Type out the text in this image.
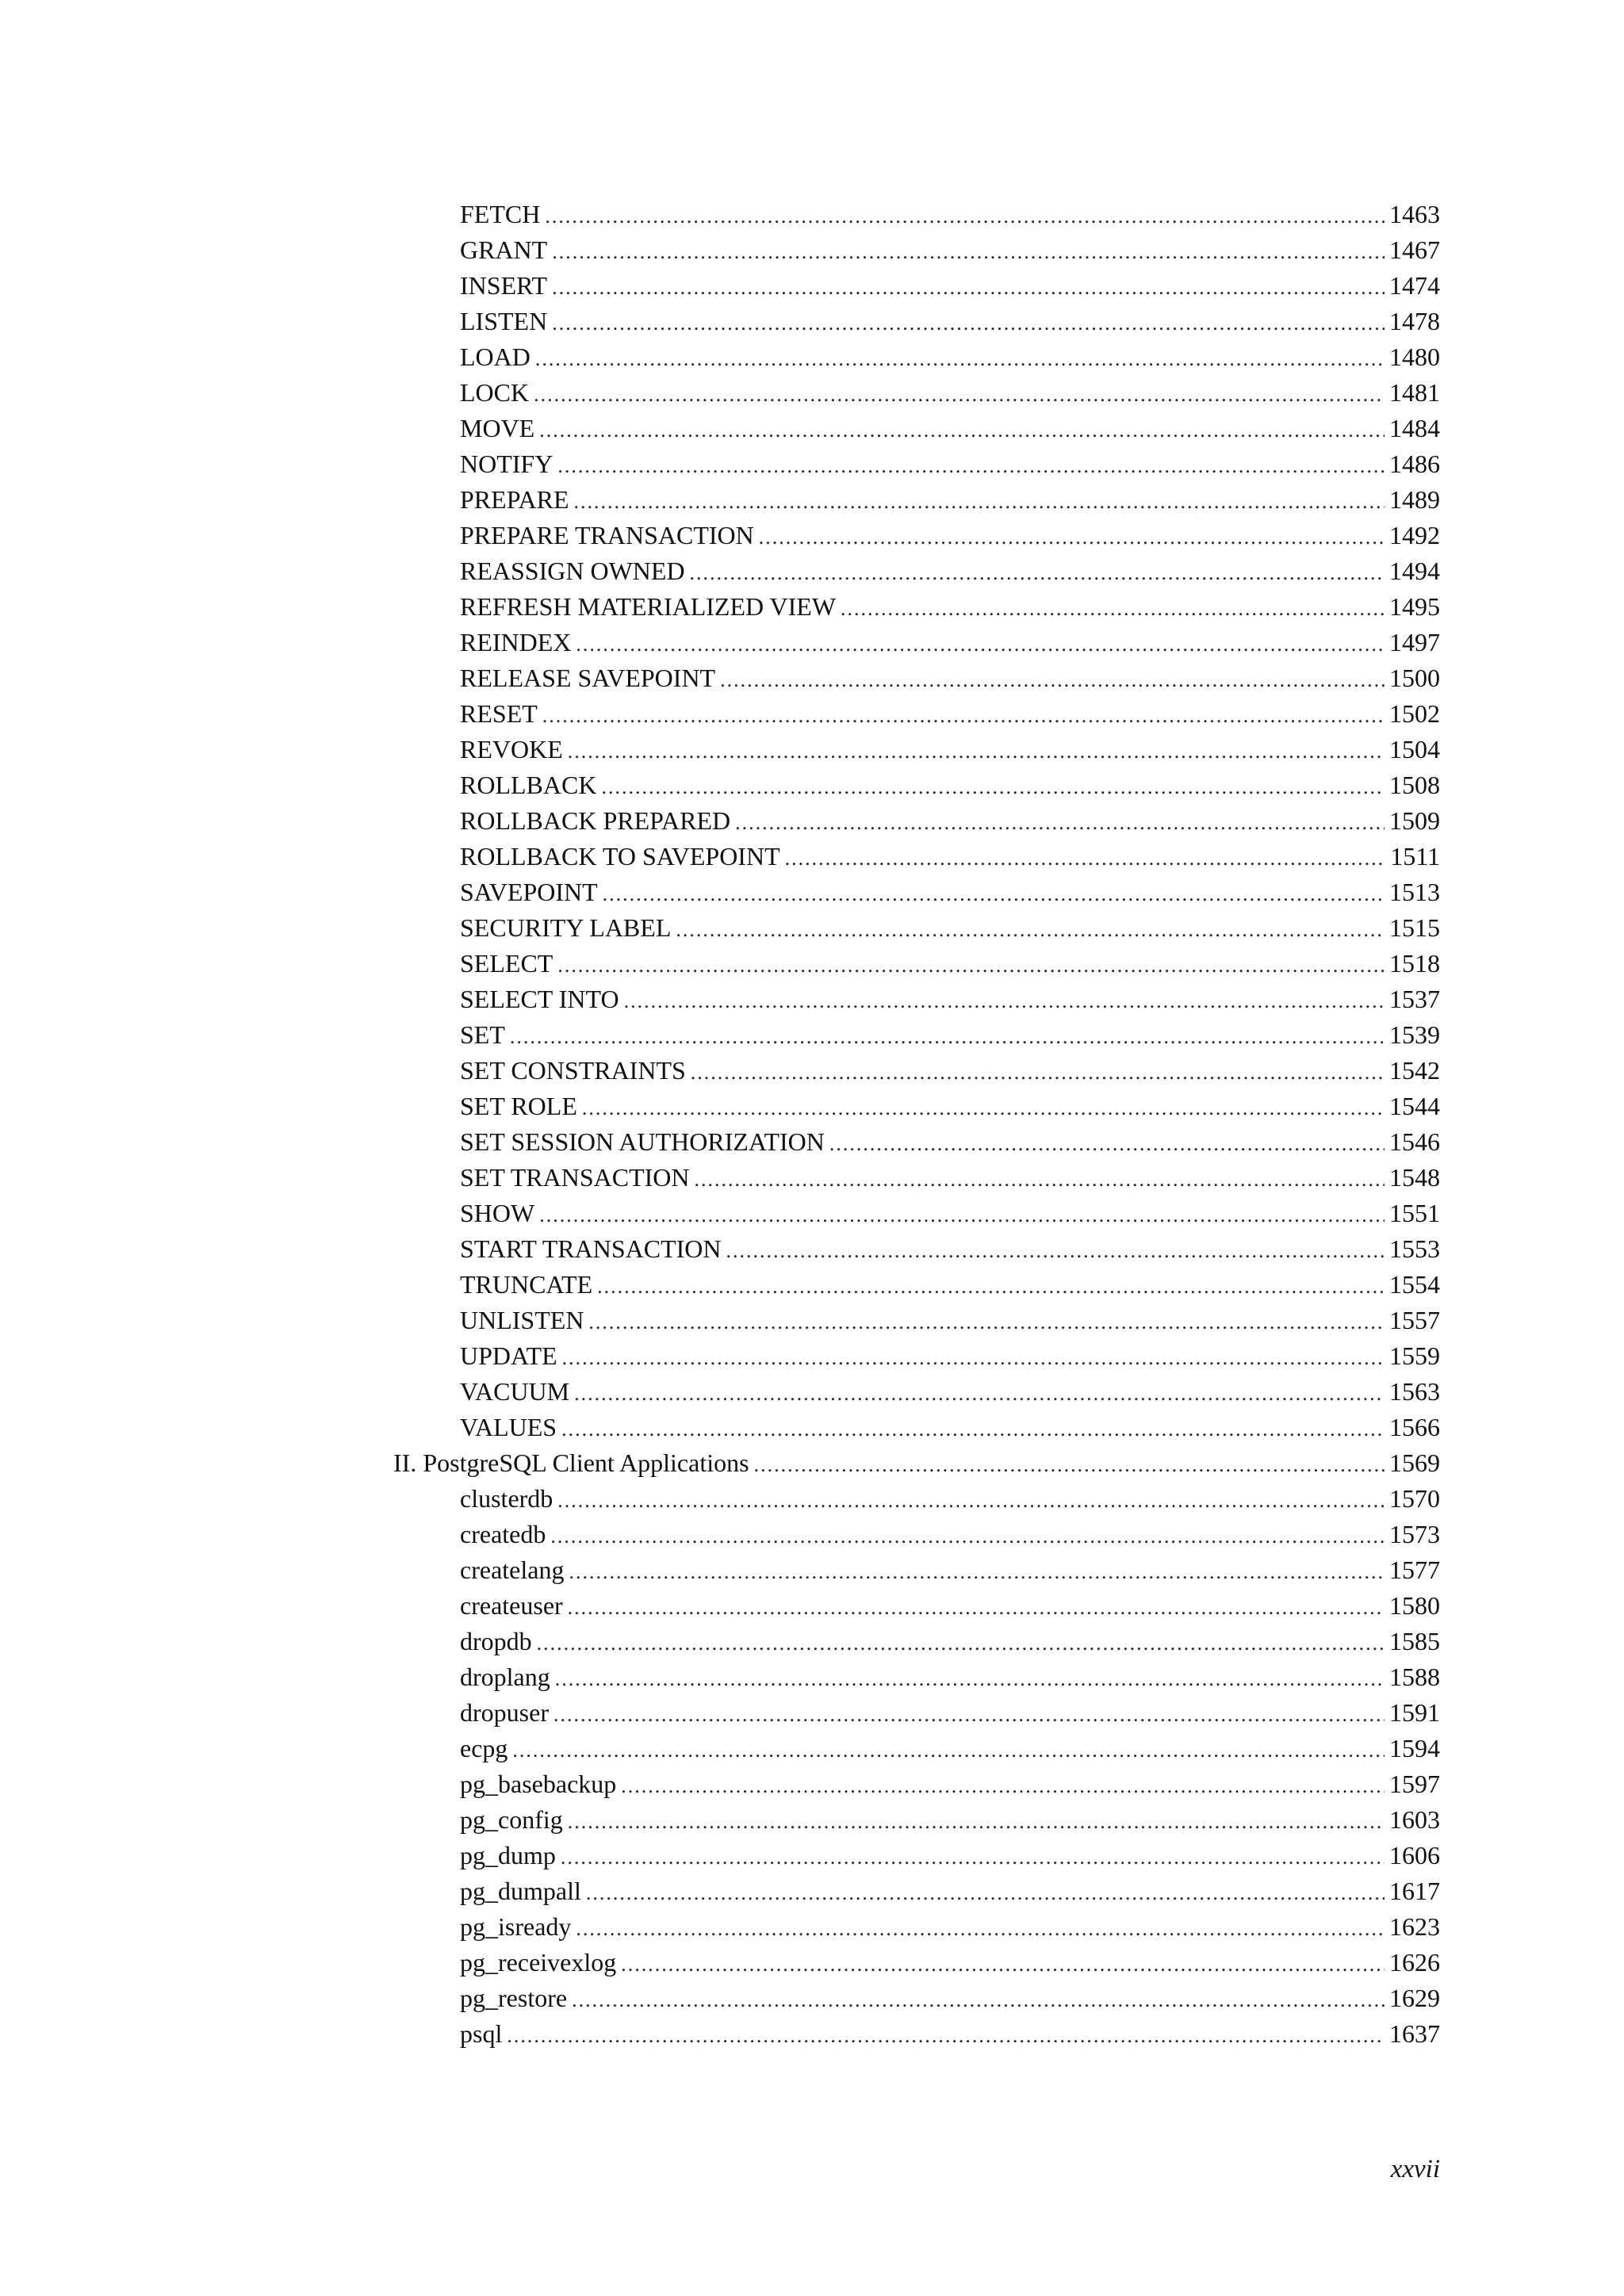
FETCH .....	1463
GRANT .....	1467
INSERT .....	1474
LISTEN .....	1478
LOAD .....	1480
LOCK .....	1481
MOVE .....	1484
NOTIFY .....	1486
PREPARE .....	1489
PREPARE TRANSACTION .....	1492
REASSIGN OWNED .....	1494
REFRESH MATERIALIZED VIEW .....	1495
REINDEX .....	1497
RELEASE SAVEPOINT .....	1500
RESET .....	1502
REVOKE .....	1504
ROLLBACK .....	1508
ROLLBACK PREPARED .....	1509
ROLLBACK TO SAVEPOINT .....	1511
SAVEPOINT .....	1513
SECURITY LABEL .....	1515
SELECT .....	1518
SELECT INTO .....	1537
SET .....	1539
SET CONSTRAINTS .....	1542
SET ROLE .....	1544
SET SESSION AUTHORIZATION .....	1546
SET TRANSACTION .....	1548
SHOW .....	1551
START TRANSACTION .....	1553
TRUNCATE .....	1554
UNLISTEN .....	1557
UPDATE .....	1559
VACUUM .....	1563
VALUES .....	1566
II. PostgreSQL Client Applications .....	1569
clusterdb .....	1570
createdb .....	1573
createlang .....	1577
createuser .....	1580
dropdb .....	1585
droplang .....	1588
dropuser .....	1591
ecpg .....	1594
pg_basebackup .....	1597
pg_config .....	1603
pg_dump .....	1606
pg_dumpall .....	1617
pg_isready .....	1623
pg_receivexlog .....	1626
pg_restore .....	1629
psql .....	1637
xxvii
